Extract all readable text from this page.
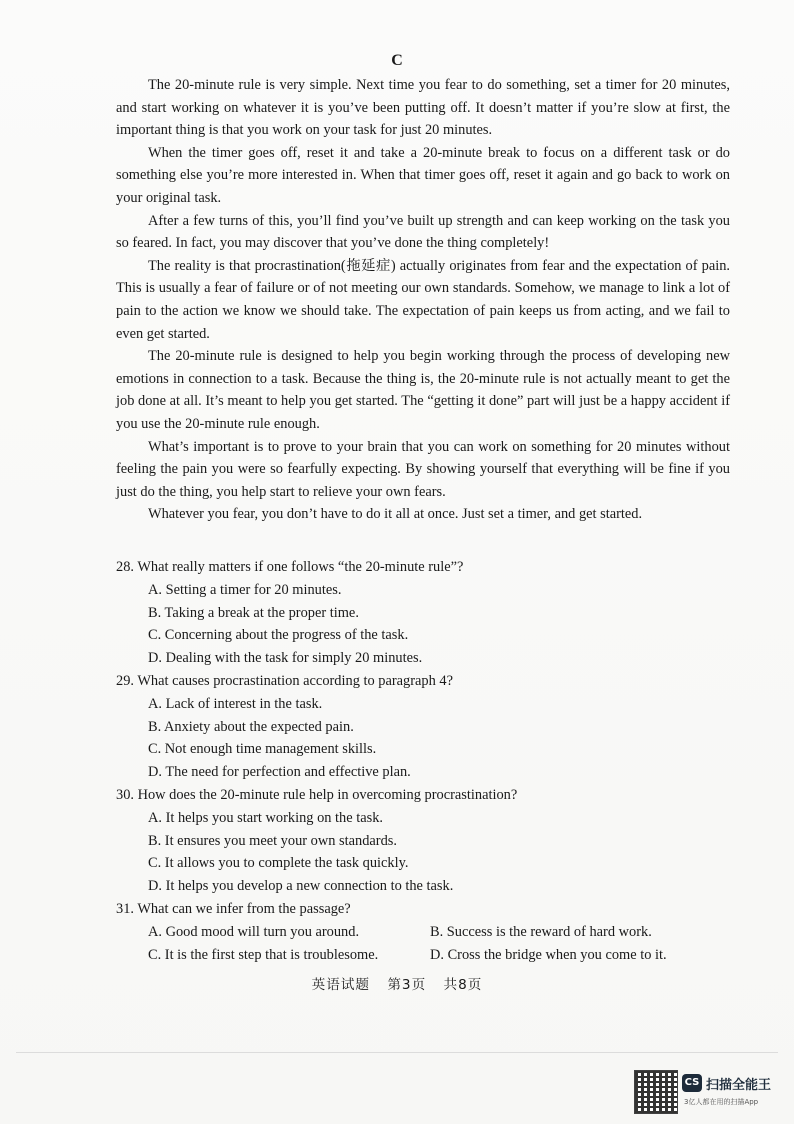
C

The 20-minute rule is very simple. Next time you fear to do something, set a timer for 20 minutes, and start working on whatever it is you’ve been putting off. It doesn’t matter if you’re slow at first, the important thing is that you work on your task for just 20 minutes.

When the timer goes off, reset it and take a 20-minute break to focus on a different task or do something else you’re more interested in. When that timer goes off, reset it again and go back to work on your original task.

After a few turns of this, you’ll find you’ve built up strength and can keep working on the task you so feared. In fact, you may discover that you’ve done the thing completely!

The reality is that procrastination(拖延症) actually originates from fear and the expectation of pain. This is usually a fear of failure or of not meeting our own standards. Somehow, we manage to link a lot of pain to the action we know we should take. The expectation of pain keeps us from acting, and we fail to even get started.

The 20-minute rule is designed to help you begin working through the process of developing new emotions in connection to a task. Because the thing is, the 20-minute rule is not actually meant to get the job done at all. It’s meant to help you get started. The “getting it done” part will just be a happy accident if you use the 20-minute rule enough.

What’s important is to prove to your brain that you can work on something for 20 minutes without feeling the pain you were so fearfully expecting. By showing yourself that everything will be fine if you just do the thing, you help start to relieve your own fears.

Whatever you fear, you don’t have to do it all at once. Just set a timer, and get started.

28. What really matters if one follows “the 20-minute rule”?

A. Setting a timer for 20 minutes.
B. Taking a break at the proper time.
C. Concerning about the progress of the task.
D. Dealing with the task for simply 20 minutes.

29. What causes procrastination according to paragraph 4?

A. Lack of interest in the task.
B. Anxiety about the expected pain.
C. Not enough time management skills.
D. The need for perfection and effective plan.

30. How does the 20-minute rule help in overcoming procrastination?

A. It helps you start working on the task.
B. It ensures you meet your own standards.
C. It allows you to complete the task quickly.
D. It helps you develop a new connection to the task.

31. What can we infer from the passage?

A. Good mood will turn you around.
C. It is the first step that is troublesome.
B. Success is the reward of hard work.
D. Cross the bridge when you come to it.
英语试题 第3页 共8页
CS 扫描全能王
3亿人都在用的扫描App
